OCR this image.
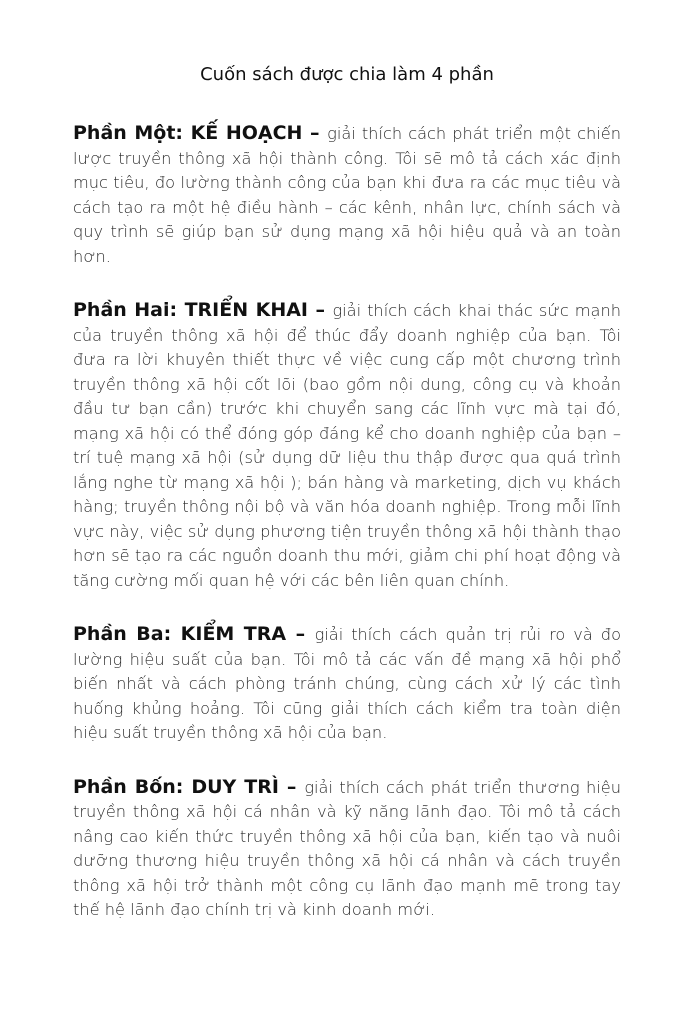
Cuốn sách được chia làm 4 phần

Phần Một: KẾ HOẠCH – giải thích cách phát triển một chiến lược truyền thông xã hội thành công. Tôi sẽ mô tả cách xác định mục tiêu, đo lường thành công của bạn khi đưa ra các mục tiêu và cách tạo ra một hệ điều hành – các kênh, nhân lực, chính sách và quy trình sẽ giúp bạn sử dụng mạng xã hội hiệu quả và an toàn hơn.

Phần Hai: TRIỂN KHAI – giải thích cách khai thác sức mạnh của truyền thông xã hội để thúc đẩy doanh nghiệp của bạn. Tôi đưa ra lời khuyên thiết thực về việc cung cấp một chương trình truyền thông xã hội cốt lõi (bao gồm nội dung, công cụ và khoản đầu tư bạn cần) trước khi chuyển sang các lĩnh vực mà tại đó, mạng xã hội có thể đóng góp đáng kể cho doanh nghiệp của bạn – trí tuệ mạng xã hội (sử dụng dữ liệu thu thập được qua quá trình lắng nghe từ mạng xã hội ); bán hàng và marketing, dịch vụ khách hàng; truyền thông nội bộ và văn hóa doanh nghiệp. Trong mỗi lĩnh vực này, việc sử dụng phương tiện truyền thông xã hội thành thạo hơn sẽ tạo ra các nguồn doanh thu mới, giảm chi phí hoạt động và tăng cường mối quan hệ với các bên liên quan chính.

Phần Ba: KIỂM TRA – giải thích cách quản trị rủi ro và đo lường hiệu suất của bạn. Tôi mô tả các vấn đề mạng xã hội phổ biến nhất và cách phòng tránh chúng, cùng cách xử lý các tình huống khủng hoảng. Tôi cũng giải thích cách kiểm tra toàn diện hiệu suất truyền thông xã hội của bạn.

Phần Bốn: DUY TRÌ – giải thích cách phát triển thương hiệu truyền thông xã hội cá nhân và kỹ năng lãnh đạo. Tôi mô tả cách nâng cao kiến thức truyền thông xã hội của bạn, kiến tạo và nuôi dưỡng thương hiệu truyền thông xã hội cá nhân và cách truyền thông xã hội trở thành một công cụ lãnh đạo mạnh mẽ trong tay thế hệ lãnh đạo chính trị và kinh doanh mới.
